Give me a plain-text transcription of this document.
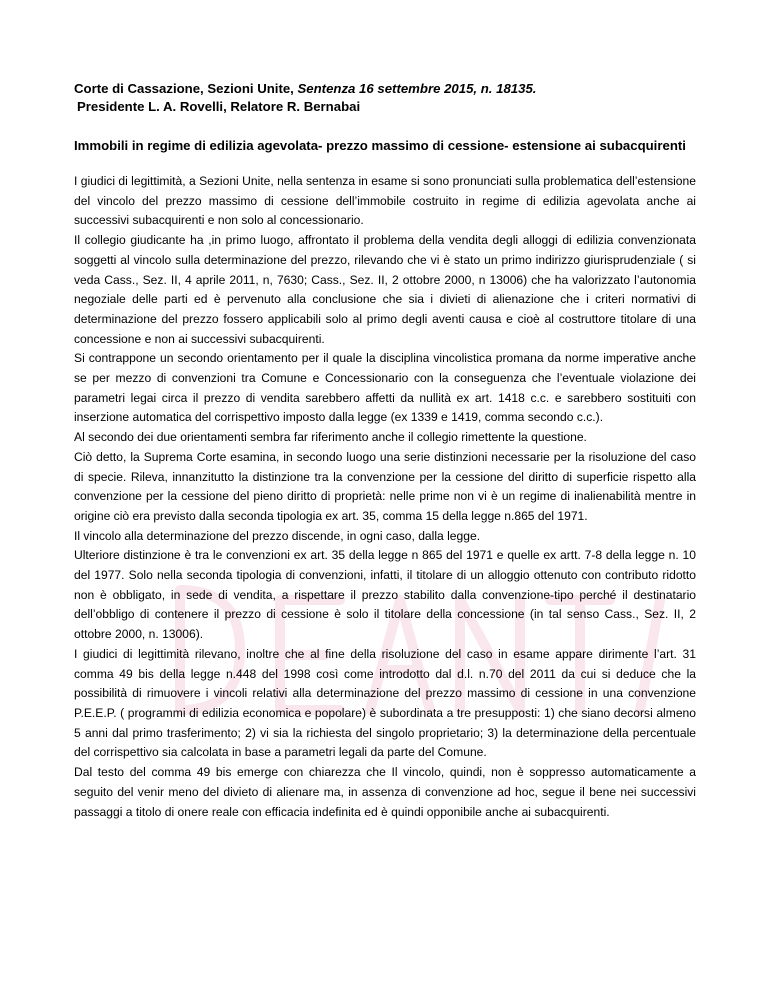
Corte di Cassazione, Sezioni Unite, Sentenza 16 settembre 2015, n. 18135.
Presidente L. A. Rovelli, Relatore R. Bernabai
Immobili in regime di edilizia agevolata- prezzo massimo di cessione- estensione ai subacquirenti

I giudici di legittimità, a Sezioni Unite, nella sentenza in esame si sono pronunciati sulla problematica dell’estensione del vincolo del prezzo massimo di cessione dell’immobile costruito in regime di edilizia agevolata anche ai successivi subacquirenti e non solo al concessionario.

Il collegio giudicante ha ,in primo luogo, affrontato il problema della vendita degli alloggi di edilizia convenzionata soggetti al vincolo sulla determinazione del prezzo, rilevando che vi è stato un primo indirizzo giurisprudenziale ( si veda Cass., Sez. II, 4 aprile 2011, n, 7630; Cass., Sez. II, 2 ottobre 2000, n 13006) che ha valorizzato l’autonomia negoziale delle parti ed è pervenuto alla conclusione che sia i divieti di alienazione che i criteri normativi di determinazione del prezzo fossero applicabili solo al primo degli aventi causa e cioè al costruttore titolare di una concessione e non ai successivi subacquirenti.

Si contrappone un secondo orientamento per il quale la disciplina vincolistica promana da norme imperative anche se per mezzo di convenzioni tra Comune e Concessionario con la conseguenza che l’eventuale violazione dei parametri legai circa il prezzo di vendita sarebbero affetti da nullità ex art. 1418 c.c. e sarebbero sostituiti con inserzione automatica del corrispettivo imposto dalla legge (ex 1339 e 1419, comma secondo c.c.).

Al secondo dei due orientamenti sembra far riferimento anche il collegio rimettente la questione.

Ciò detto, la Suprema Corte esamina, in secondo luogo una serie distinzioni necessarie per la risoluzione del caso di specie. Rileva, innanzitutto la distinzione tra la convenzione per la cessione del diritto di superficie rispetto alla convenzione per la cessione del pieno diritto di proprietà: nelle prime non vi è un regime di inalienabilità mentre in origine ciò era previsto dalla seconda tipologia ex art. 35, comma 15 della legge n.865 del 1971.

Il vincolo alla determinazione del prezzo discende, in ogni caso, dalla legge.

Ulteriore distinzione è tra le convenzioni ex art. 35 della legge n 865 del 1971 e quelle ex artt. 7-8 della legge n. 10 del 1977. Solo nella seconda tipologia di convenzioni, infatti, il titolare di un alloggio ottenuto con contributo ridotto non è obbligato, in sede di vendita, a rispettare il prezzo stabilito dalla convenzione-tipo perché il destinatario dell’obbligo di contenere il prezzo di cessione è solo il titolare della concessione (in tal senso Cass., Sez. II, 2 ottobre 2000, n. 13006).

I giudici di legittimità rilevano, inoltre che al fine della risoluzione del caso in esame appare dirimente l’art. 31 comma 49 bis della legge n.448 del 1998 così come introdotto dal d.l. n.70 del 2011 da cui si deduce che la possibilità di rimuovere i vincoli relativi alla determinazione del prezzo massimo di cessione in una convenzione P.E.E.P. ( programmi di edilizia economica e popolare) è subordinata a tre presupposti: 1) che siano decorsi almeno 5 anni dal primo trasferimento; 2) vi sia la richiesta del singolo proprietario; 3) la determinazione della percentuale del corrispettivo sia calcolata in base a parametri legali da parte del Comune.

Dal testo del comma 49 bis emerge con chiarezza che Il vincolo, quindi, non è soppresso automaticamente a seguito del venir meno del divieto di alienare ma, in assenza di convenzione ad hoc, segue il bene nei successivi passaggi a titolo di onere reale con efficacia indefinita ed è quindi opponibile anche ai subacquirenti.
